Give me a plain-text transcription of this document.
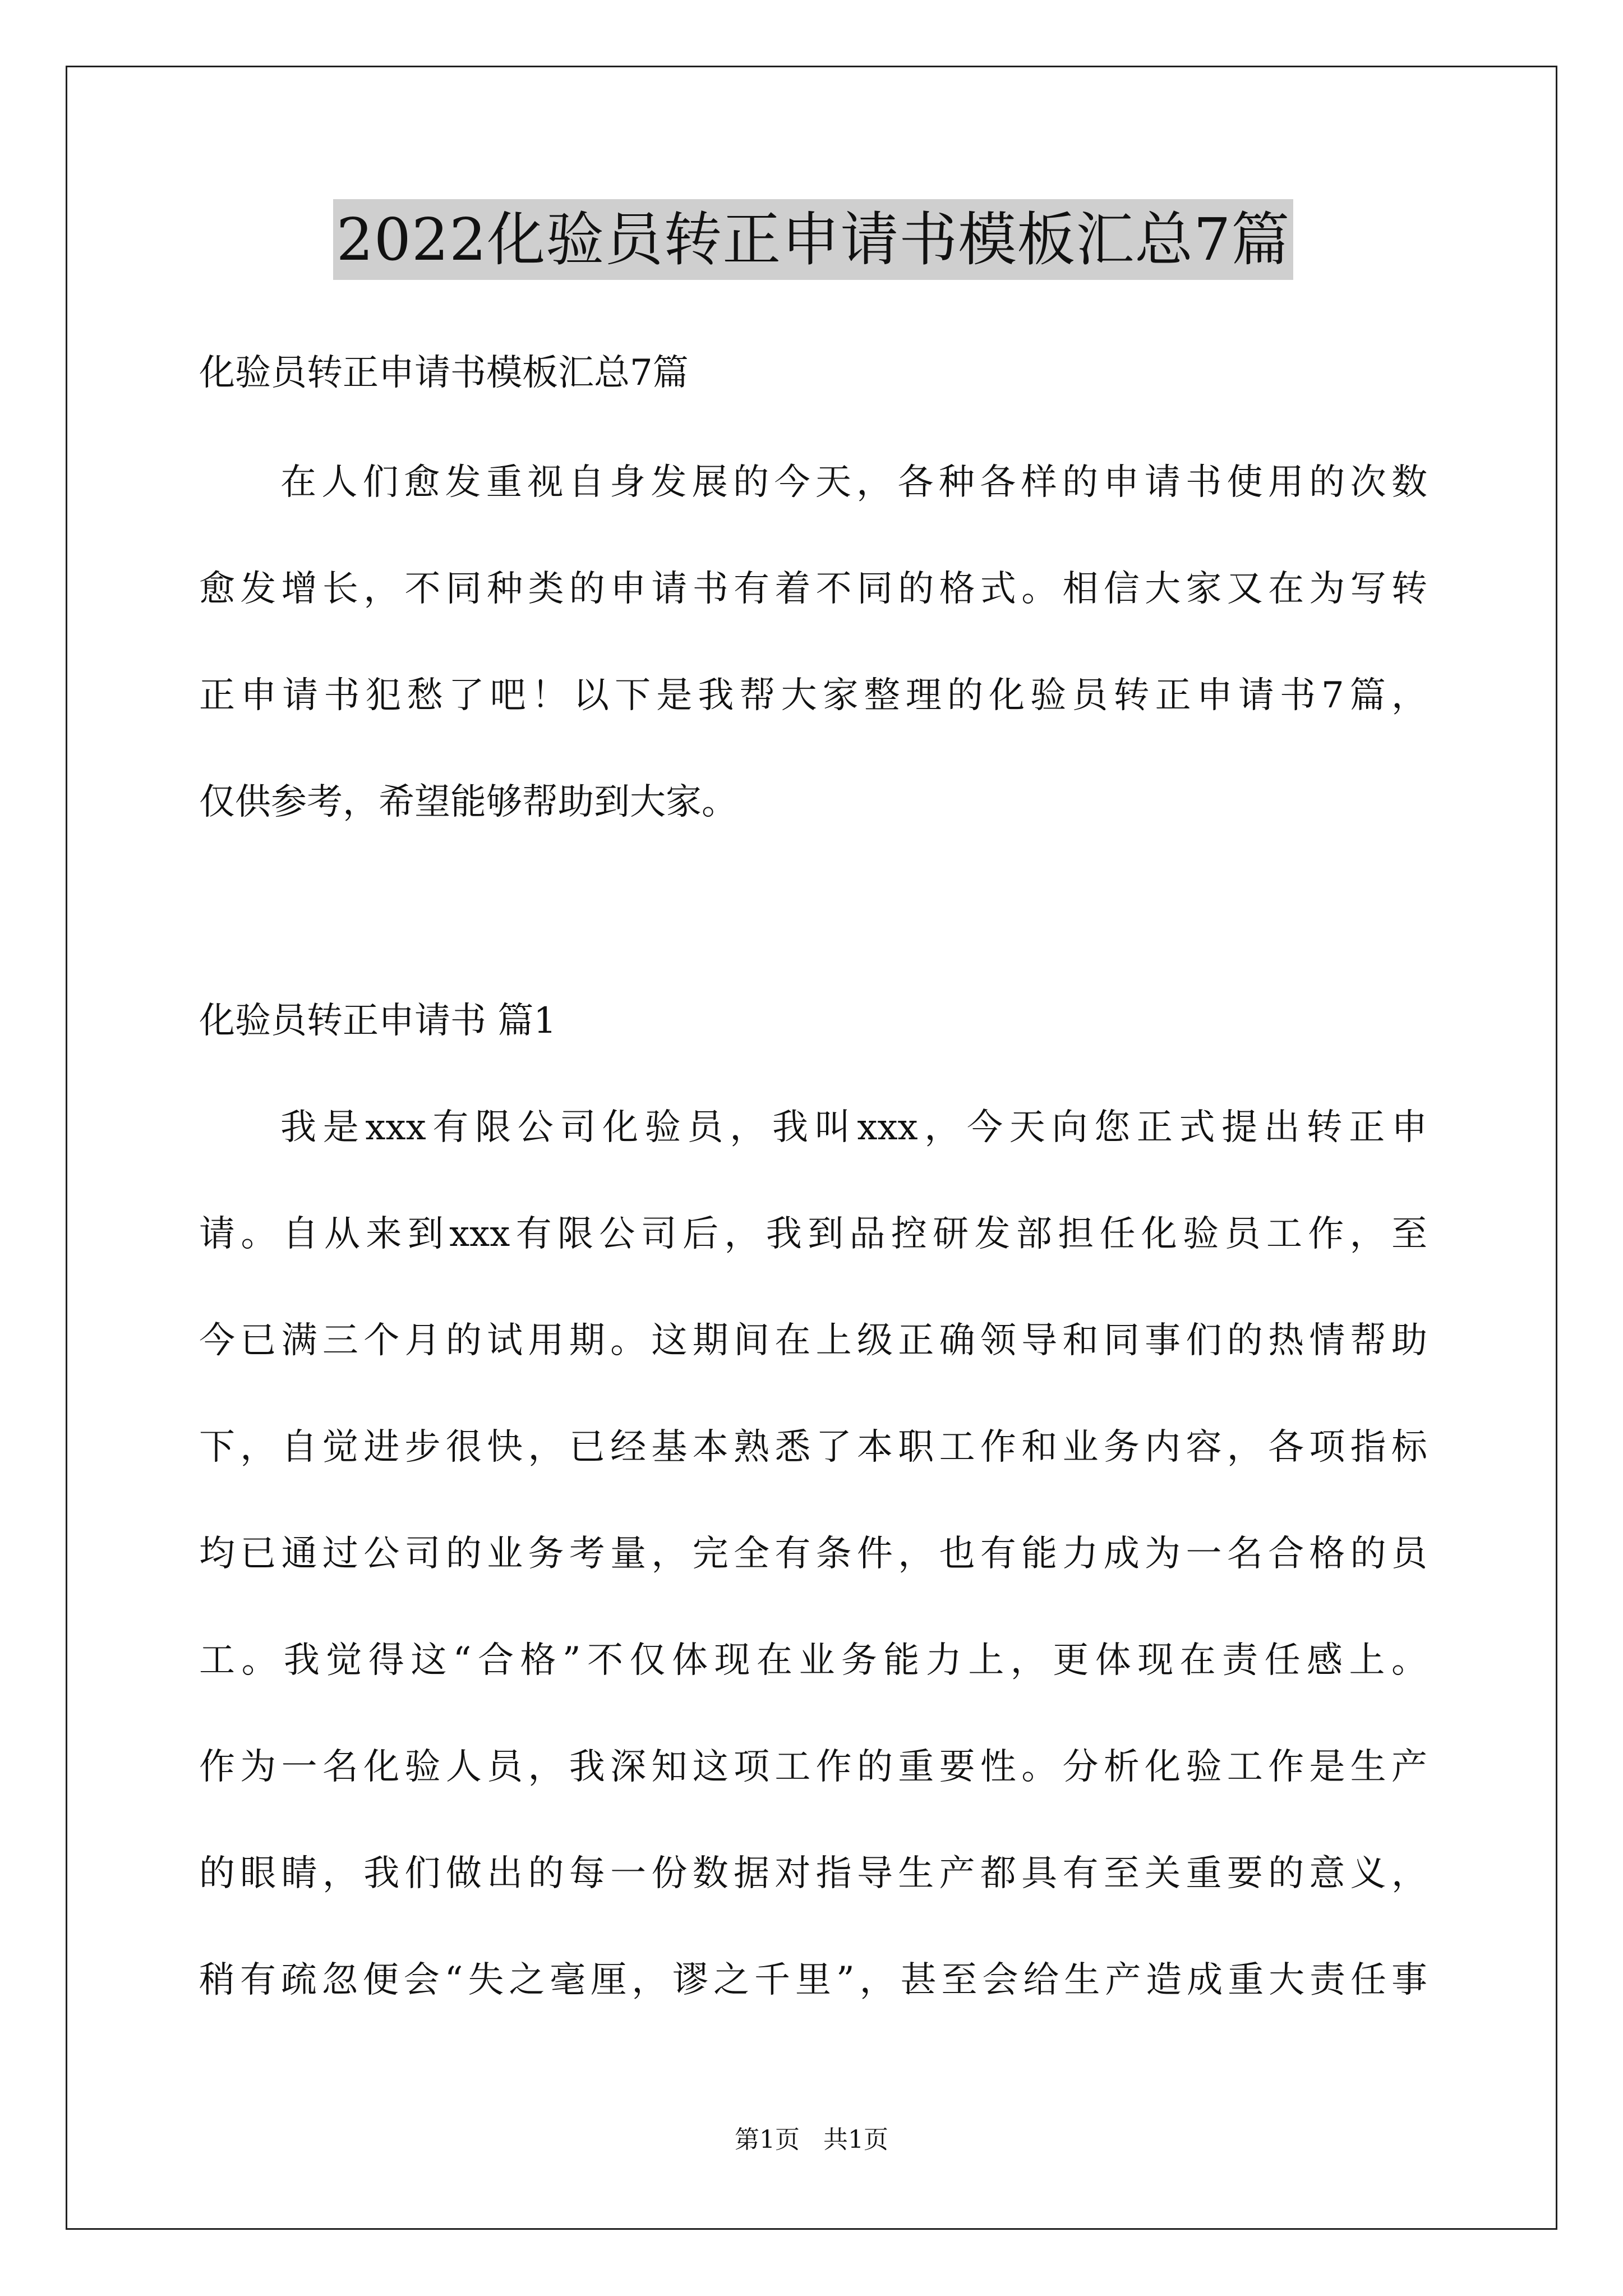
2022化验员转正申请书模板汇总7篇
化验员转正申请书模板汇总7篇
在人们愈发重视自身发展的今天，各种各样的申请书使用的次数
愈发增长，不同种类的申请书有着不同的格式。相信大家又在为写转
正申请书犯愁了吧！以下是我帮大家整理的化验员转正申请书7篇，
仅供参考，希望能够帮助到大家。
化验员转正申请书 篇1
我是xxx有限公司化验员，我叫xxx，今天向您正式提出转正申
请。自从来到xxx有限公司后，我到品控研发部担任化验员工作，至
今已满三个月的试用期。这期间在上级正确领导和同事们的热情帮助
下，自觉进步很快，已经基本熟悉了本职工作和业务内容，各项指标
均已通过公司的业务考量，完全有条件，也有能力成为一名合格的员
工。我觉得这“合格”不仅体现在业务能力上，更体现在责任感上。
作为一名化验人员，我深知这项工作的重要性。分析化验工作是生产
的眼睛，我们做出的每一份数据对指导生产都具有至关重要的意义，
稍有疏忽便会“失之毫厘，谬之千里”，甚至会给生产造成重大责任事
第1页   共1页
